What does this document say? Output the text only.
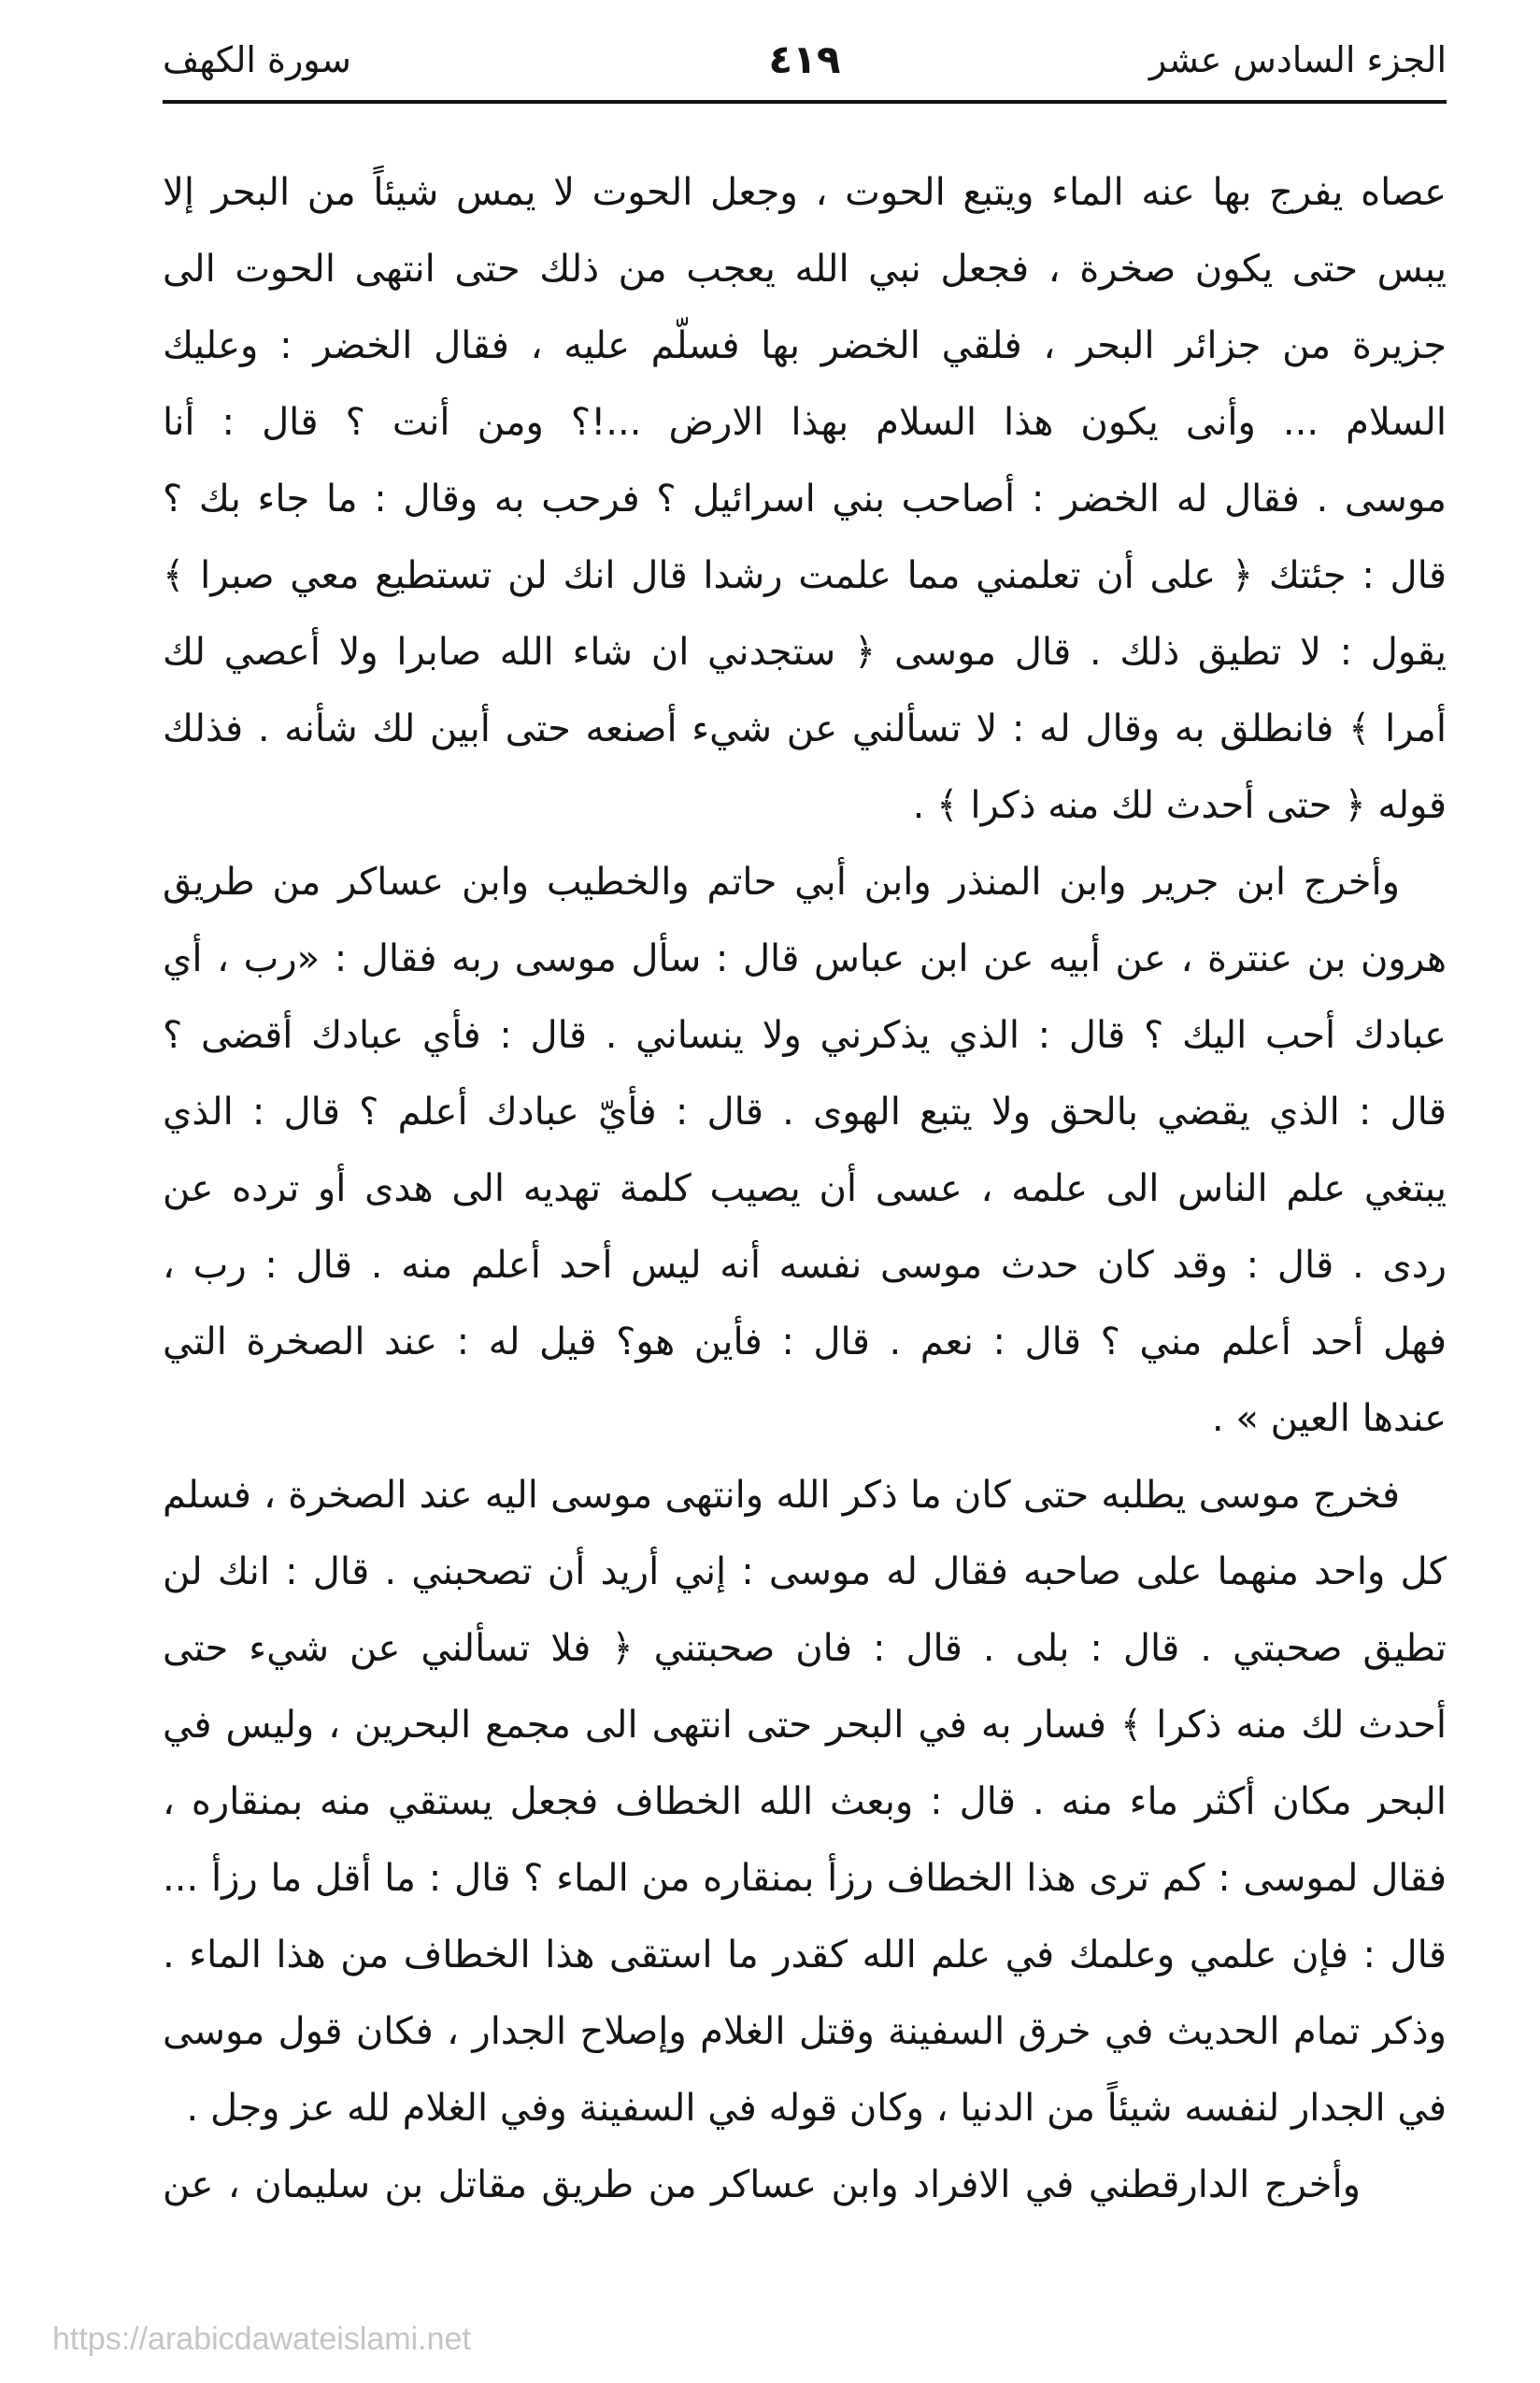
الجزء السادس عشر
٤١٩
سورة الكهف
عصاه يفرج بها عنه الماء ويتبع الحوت ، وجعل الحوت لا يمس شيئاً من البحر إلا
يبس حتى يكون صخرة ، فجعل نبي الله يعجب من ذلك حتى انتهى الحوت الى
جزيرة من جزائر البحر ، فلقي الخضر بها فسلّم عليه ، فقال الخضر : وعليك
السلام ... وأنى يكون هذا السلام بهذا الارض ...!؟ ومن أنت ؟ قال : أنا
موسى . فقال له الخضر : أصاحب بني اسرائيل ؟ فرحب به وقال : ما جاء بك ؟
قال : جئتك ﴿ على أن تعلمني مما علمت رشدا قال انك لن تستطيع معي صبرا ﴾
يقول : لا تطيق ذلك . قال موسى ﴿ ستجدني ان شاء الله صابرا ولا أعصي لك
أمرا ﴾ فانطلق به وقال له : لا تسألني عن شيء أصنعه حتى أبين لك شأنه . فذلك
قوله ﴿ حتى أحدث لك منه ذكرا ﴾ .
وأخرج ابن جرير وابن المنذر وابن أبي حاتم والخطيب وابن عساكر من طريق
هرون بن عنترة ، عن أبيه عن ابن عباس قال : سأل موسى ربه فقال : «رب ، أي
عبادك أحب اليك ؟ قال : الذي يذكرني ولا ينساني . قال : فأي عبادك أقضى ؟
قال : الذي يقضي بالحق ولا يتبع الهوى . قال : فأيّ عبادك أعلم ؟ قال : الذي
يبتغي علم الناس الى علمه ، عسى أن يصيب كلمة تهديه الى هدى أو ترده عن
ردى . قال : وقد كان حدث موسى نفسه أنه ليس أحد أعلم منه . قال : رب ،
فهل أحد أعلم مني ؟ قال : نعم . قال : فأين هو؟ قيل له : عند الصخرة التي
عندها العين » .
فخرج موسى يطلبه حتى كان ما ذكر الله وانتهى موسى اليه عند الصخرة ، فسلم
كل واحد منهما على صاحبه فقال له موسى : إني أريد أن تصحبني . قال : انك لن
تطيق صحبتي . قال : بلى . قال : فان صحبتني ﴿ فلا تسألني عن شيء حتى
أحدث لك منه ذكرا ﴾ فسار به في البحر حتى انتهى الى مجمع البحرين ، وليس في
البحر مكان أكثر ماء منه . قال : وبعث الله الخطاف فجعل يستقي منه بمنقاره ،
فقال لموسى : كم ترى هذا الخطاف رزأ بمنقاره من الماء ؟ قال : ما أقل ما رزأ ...
قال : فإن علمي وعلمك في علم الله كقدر ما استقى هذا الخطاف من هذا الماء .
وذكر تمام الحديث في خرق السفينة وقتل الغلام وإصلاح الجدار ، فكان قول موسى
في الجدار لنفسه شيئاً من الدنيا ، وكان قوله في السفينة وفي الغلام لله عز وجل .
وأخرج الدارقطني في الافراد وابن عساكر من طريق مقاتل بن سليمان ، عن
https://arabicdawateislami.net
